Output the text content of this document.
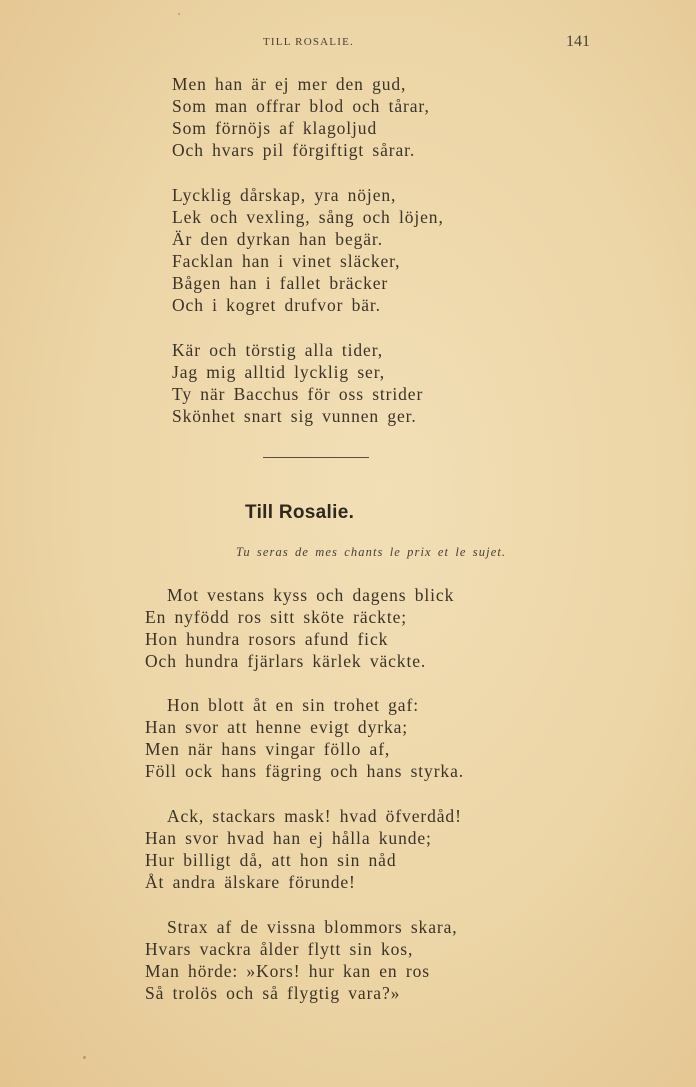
TILL ROSALIE.	141
Men han är ej mer den gud,
Som man offrar blod och tårar,
Som förnöjs af klagoljud
Och hvars pil förgiftigt sårar.
Lycklig dårskap, yra nöjen,
Lek och vexling, sång och löjen,
Är den dyrkan han begär.
Facklan han i vinet släcker,
Bågen han i fallet bräcker
Och i kogret drufvor bär.
Kär och törstig alla tider,
Jag mig alltid lycklig ser,
Ty när Bacchus för oss strider
Skönhet snart sig vunnen ger.
Till Rosalie.
Tu seras de mes chants le prix et le sujet.
Mot vestans kyss och dagens blick
En nyfödd ros sitt sköte räckte;
Hon hundra rosors afund fick
Och hundra fjärlars kärlek väckte.
Hon blott åt en sin trohet gaf:
Han svor att henne evigt dyrka;
Men när hans vingar föllo af,
Föll ock hans fägring och hans styrka.
Ack, stackars mask! hvad öfverdåd!
Han svor hvad han ej hålla kunde;
Hur billigt då, att hon sin nåd
Åt andra älskare förunde!
Strax af de vissna blommors skara,
Hvars vackra ålder flytt sin kos,
Man hörde: »Kors! hur kan en ros
Så trolös och så flygtig vara?»
